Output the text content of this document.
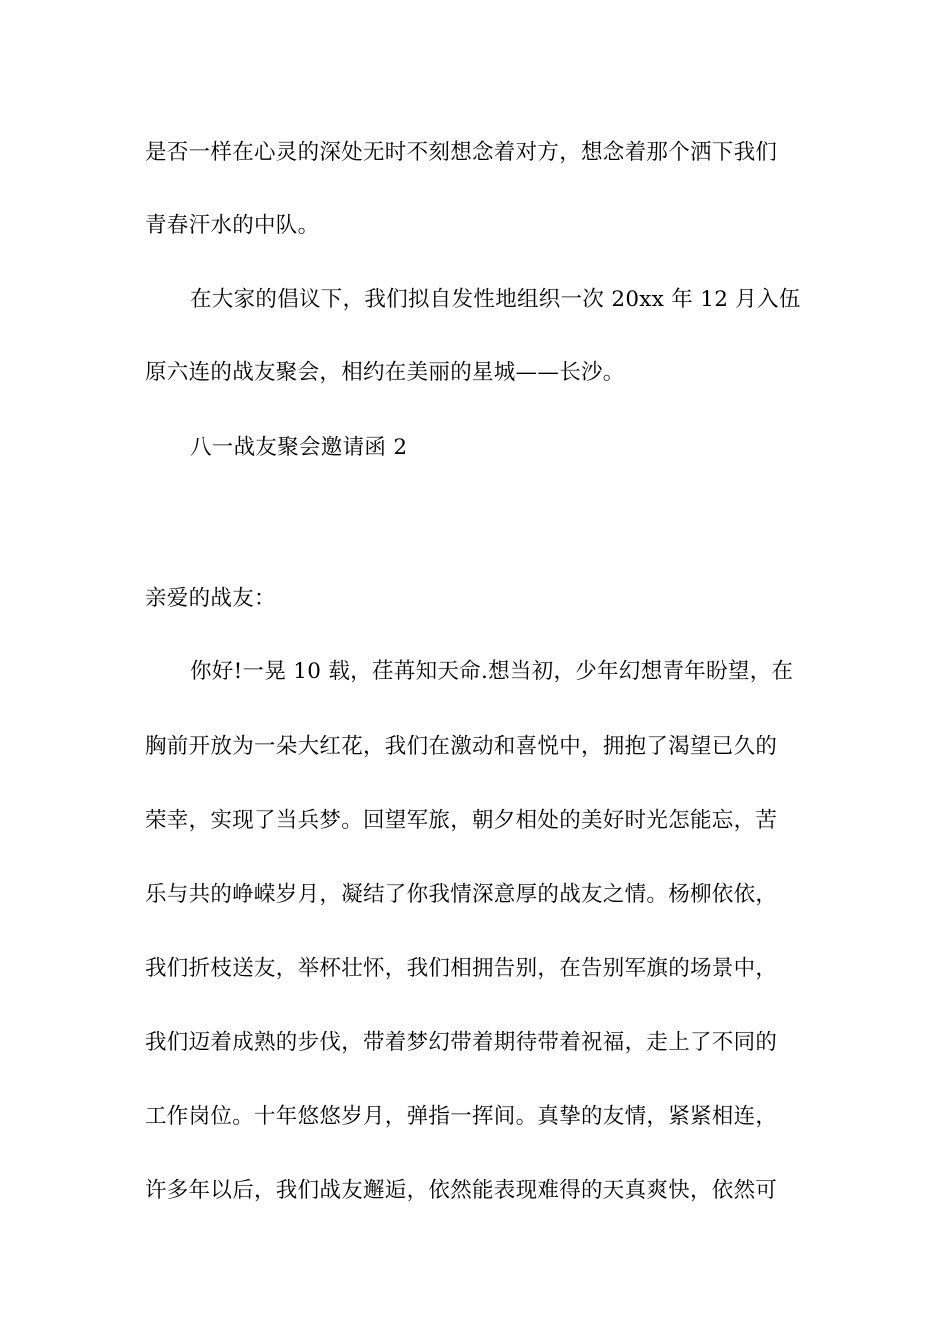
是否一样在心灵的深处无时不刻想念着对方，想念着那个洒下我们
青春汗水的中队。
在大家的倡议下，我们拟自发性地组织一次 20xx 年 12 月入伍
原六连的战友聚会，相约在美丽的星城——长沙。
八一战友聚会邀请函 2
亲爱的战友：
你好!一晃 10 载，荏苒知天命.想当初，少年幻想青年盼望，在
胸前开放为一朵大红花，我们在激动和喜悦中，拥抱了渴望已久的
荣幸，实现了当兵梦。回望军旅，朝夕相处的美好时光怎能忘，苦
乐与共的峥嵘岁月，凝结了你我情深意厚的战友之情。杨柳依依，
我们折枝送友，举杯壮怀，我们相拥告别，在告别军旗的场景中，
我们迈着成熟的步伐，带着梦幻带着期待带着祝福，走上了不同的
工作岗位。十年悠悠岁月，弹指一挥间。真挚的友情，紧紧相连，
许多年以后，我们战友邂逅，依然能表现难得的天真爽快，依然可
